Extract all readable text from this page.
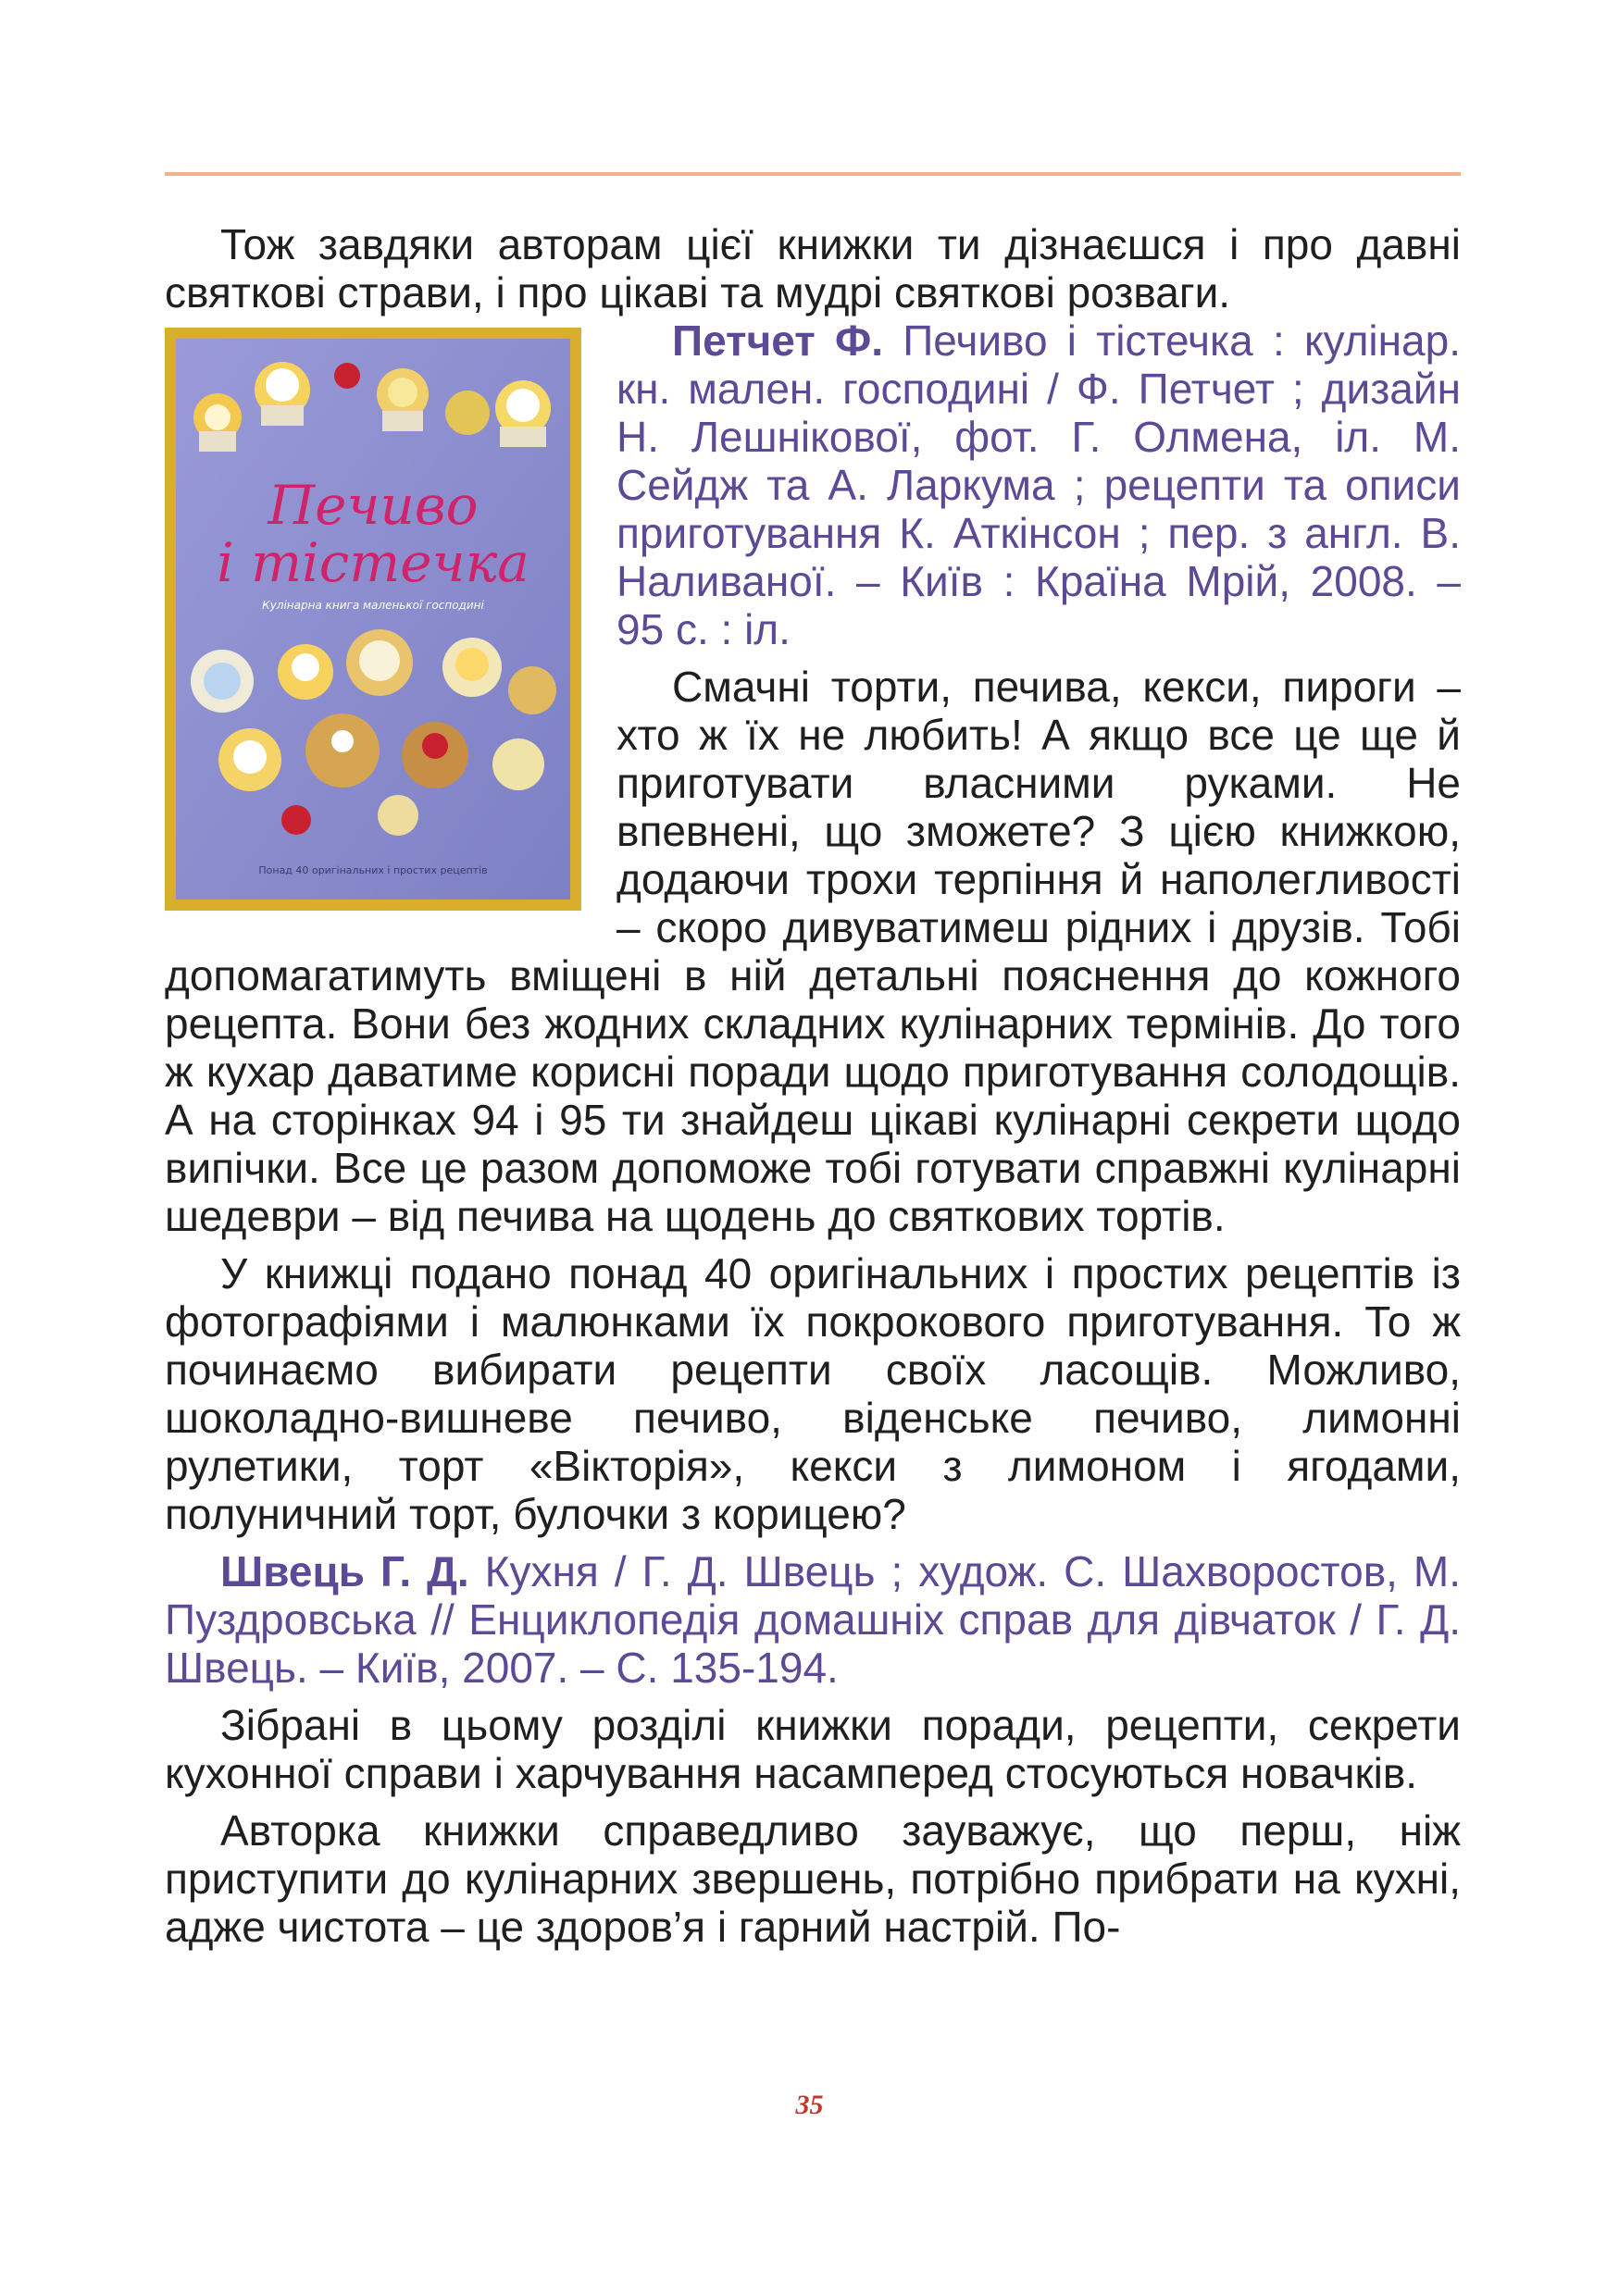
Тож завдяки авторам цієї книжки ти дізнаєшся і про давні святкові страви, і про цікаві та мудрі святкові розваги.

Печиво
і тістечка
Кулінарна книга маленької господині
Понад 40 оригінальних і простих рецептів

Петчет Ф. Печиво і тістечка : кулінар. кн. мален. господині / Ф. Петчет ; дизайн Н. Лешнікової, фот. Г. Олмена, іл. М. Сейдж та А. Ларкума ; рецепти та описи приготування К. Аткінсон ; пер. з англ. В. Наливаної. – Київ : Країна Мрій, 2008. – 95 с. : іл.

Смачні торти, печива, кекси, пироги – хто ж їх не любить! А якщо все це ще й приготувати власними руками. Не впевнені, що зможете? З цією книжкою, додаючи трохи терпіння й наполегливості – скоро дивуватимеш рідних і друзів. Тобі допомагатимуть вміщені в ній детальні пояснення до кожного рецепта. Вони без жодних складних кулінарних термінів. До того ж кухар даватиме корисні поради щодо приготування солодощів. А на сторінках 94 і 95 ти знайдеш цікаві кулінарні секрети щодо випічки. Все це разом допоможе тобі готувати справжні кулінарні шедеври – від печива на щодень до святкових тортів.

У книжці подано понад 40 оригінальних і простих рецептів із фотографіями і малюнками їх покрокового приготування. То ж починаємо вибирати рецепти своїх ласощів. Можливо, шоколадно-вишневе печиво, віденське печиво, лимонні рулетики, торт «Вікторія», кекси з лимоном і ягодами, полуничний торт, булочки з корицею?

Швець Г. Д. Кухня / Г. Д. Швець ; худож. С. Шахворостов, М. Пуздровська // Енциклопедія домашніх справ для дівчаток / Г. Д. Швець. – Київ, 2007. – С. 135-194.

Зібрані в цьому розділі книжки поради, рецепти, секрети кухонної справи і харчування насамперед стосуються новачків.

Авторка книжки справедливо зауважує, що перш, ніж приступити до кулінарних звершень, потрібно прибрати на кухні, адже чистота – це здоров’я і гарний настрій. По-

35
